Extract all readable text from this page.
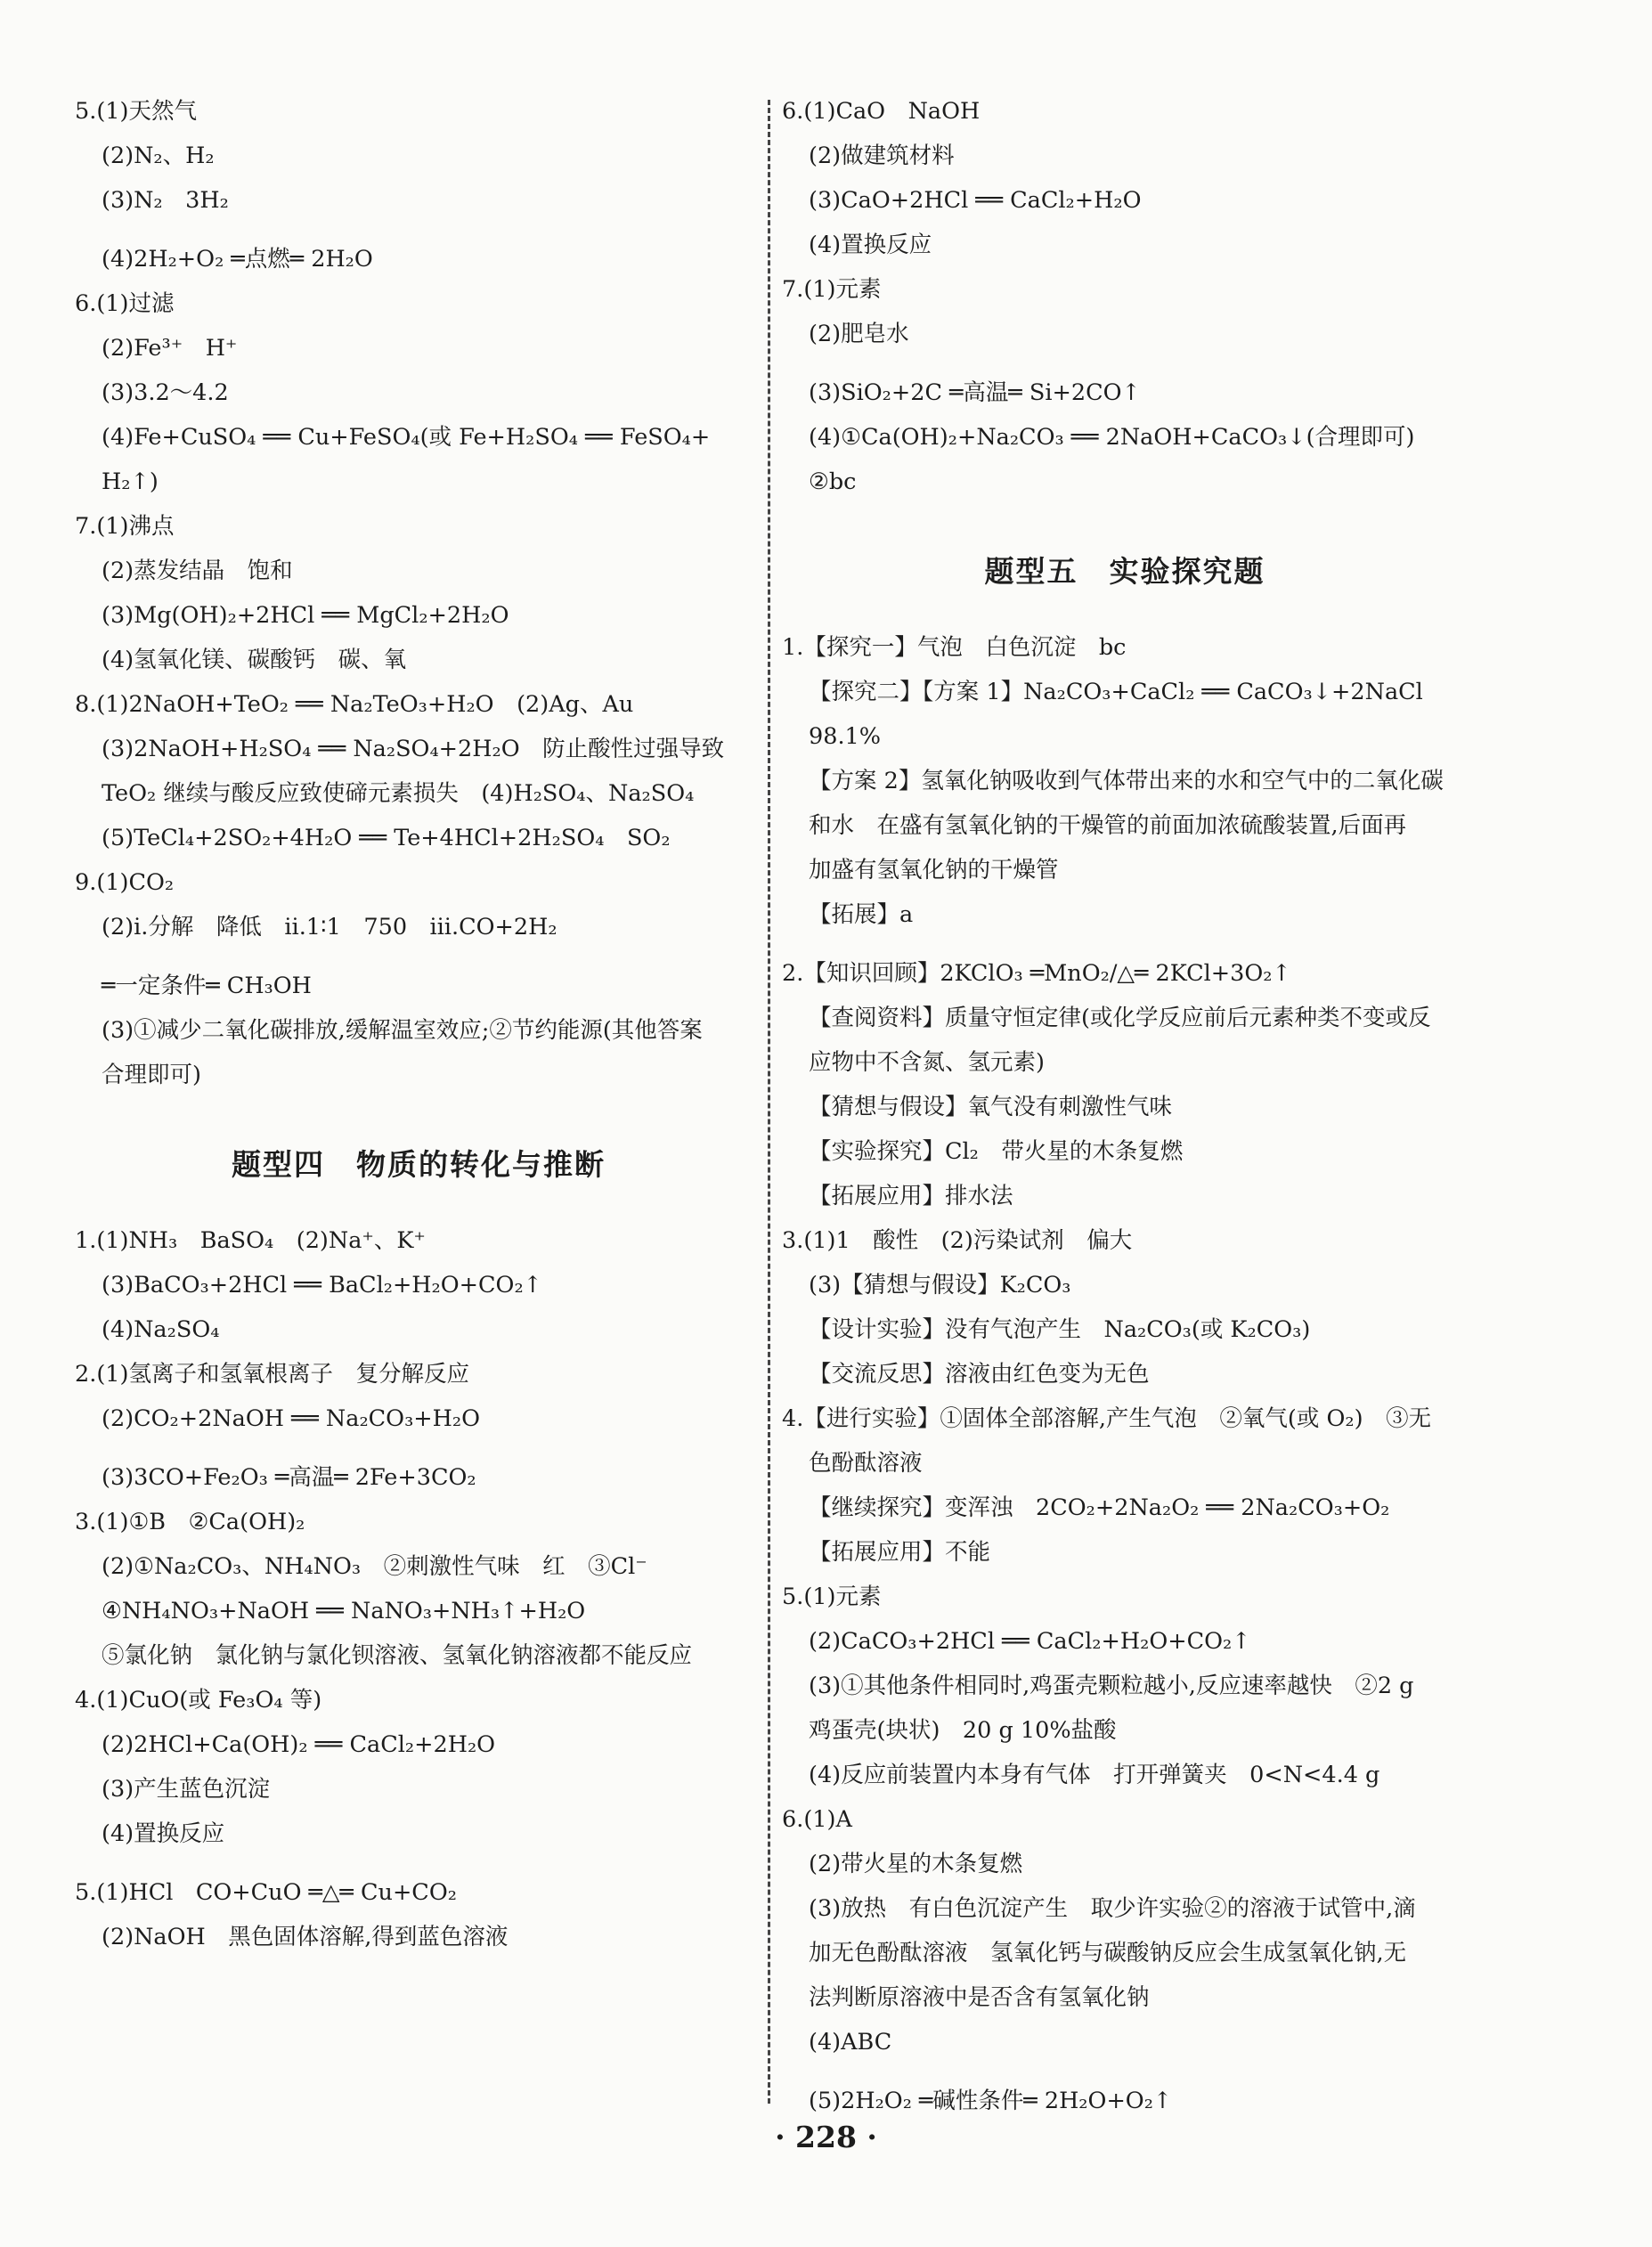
5.(1)天然气
(2)N₂、H₂
(3)N₂　3H₂
(4)2H₂+O₂ ═点燃═ 2H₂O
6.(1)过滤
(2)Fe³⁺　H⁺
(3)3.2～4.2
(4)Fe+CuSO₄ ══ Cu+FeSO₄(或 Fe+H₂SO₄ ══ FeSO₄+
H₂↑)
7.(1)沸点
(2)蒸发结晶　饱和
(3)Mg(OH)₂+2HCl ══ MgCl₂+2H₂O
(4)氢氧化镁、碳酸钙　碳、氧
8.(1)2NaOH+TeO₂ ══ Na₂TeO₃+H₂O　(2)Ag、Au
(3)2NaOH+H₂SO₄ ══ Na₂SO₄+2H₂O　防止酸性过强导致
TeO₂ 继续与酸反应致使碲元素损失　(4)H₂SO₄、Na₂SO₄
(5)TeCl₄+2SO₂+4H₂O ══ Te+4HCl+2H₂SO₄　SO₂
9.(1)CO₂
(2)ⅰ.分解　降低　ⅱ.1∶1　750　ⅲ.CO+2H₂
═一定条件═ CH₃OH
(3)①减少二氧化碳排放,缓解温室效应;②节约能源(其他答案
合理即可)
题型四　物质的转化与推断
1.(1)NH₃　BaSO₄　(2)Na⁺、K⁺
(3)BaCO₃+2HCl ══ BaCl₂+H₂O+CO₂↑
(4)Na₂SO₄
2.(1)氢离子和氢氧根离子　复分解反应
(2)CO₂+2NaOH ══ Na₂CO₃+H₂O
(3)3CO+Fe₂O₃ ═高温═ 2Fe+3CO₂
3.(1)①B　②Ca(OH)₂
(2)①Na₂CO₃、NH₄NO₃　②刺激性气味　红　③Cl⁻
④NH₄NO₃+NaOH ══ NaNO₃+NH₃↑+H₂O
⑤氯化钠　氯化钠与氯化钡溶液、氢氧化钠溶液都不能反应
4.(1)CuO(或 Fe₃O₄ 等)
(2)2HCl+Ca(OH)₂ ══ CaCl₂+2H₂O
(3)产生蓝色沉淀
(4)置换反应
5.(1)HCl　CO+CuO ═△═ Cu+CO₂
(2)NaOH　黑色固体溶解,得到蓝色溶液
6.(1)CaO　NaOH
(2)做建筑材料
(3)CaO+2HCl ══ CaCl₂+H₂O
(4)置换反应
7.(1)元素
(2)肥皂水
(3)SiO₂+2C ═高温═ Si+2CO↑
(4)①Ca(OH)₂+Na₂CO₃ ══ 2NaOH+CaCO₃↓(合理即可)
②bc
题型五　实验探究题
1.【探究一】气泡　白色沉淀　bc
【探究二】【方案 1】Na₂CO₃+CaCl₂ ══ CaCO₃↓+2NaCl
98.1%
【方案 2】氢氧化钠吸收到气体带出来的水和空气中的二氧化碳
和水　在盛有氢氧化钠的干燥管的前面加浓硫酸装置,后面再
加盛有氢氧化钠的干燥管
【拓展】a
2.【知识回顾】2KClO₃ ═MnO₂/△═ 2KCl+3O₂↑
【查阅资料】质量守恒定律(或化学反应前后元素种类不变或反
应物中不含氮、氢元素)
【猜想与假设】氧气没有刺激性气味
【实验探究】Cl₂　带火星的木条复燃
【拓展应用】排水法
3.(1)1　酸性　(2)污染试剂　偏大
(3)【猜想与假设】K₂CO₃
【设计实验】没有气泡产生　Na₂CO₃(或 K₂CO₃)
【交流反思】溶液由红色变为无色
4.【进行实验】①固体全部溶解,产生气泡　②氧气(或 O₂)　③无
色酚酞溶液
【继续探究】变浑浊　2CO₂+2Na₂O₂ ══ 2Na₂CO₃+O₂
【拓展应用】不能
5.(1)元素
(2)CaCO₃+2HCl ══ CaCl₂+H₂O+CO₂↑
(3)①其他条件相同时,鸡蛋壳颗粒越小,反应速率越快　②2 g
鸡蛋壳(块状)　20 g 10%盐酸
(4)反应前装置内本身有气体　打开弹簧夹　0<N<4.4 g
6.(1)A
(2)带火星的木条复燃
(3)放热　有白色沉淀产生　取少许实验②的溶液于试管中,滴
加无色酚酞溶液　氢氧化钙与碳酸钠反应会生成氢氧化钠,无
法判断原溶液中是否含有氢氧化钠
(4)ABC
(5)2H₂O₂ ═碱性条件═ 2H₂O+O₂↑
· 228 ·
